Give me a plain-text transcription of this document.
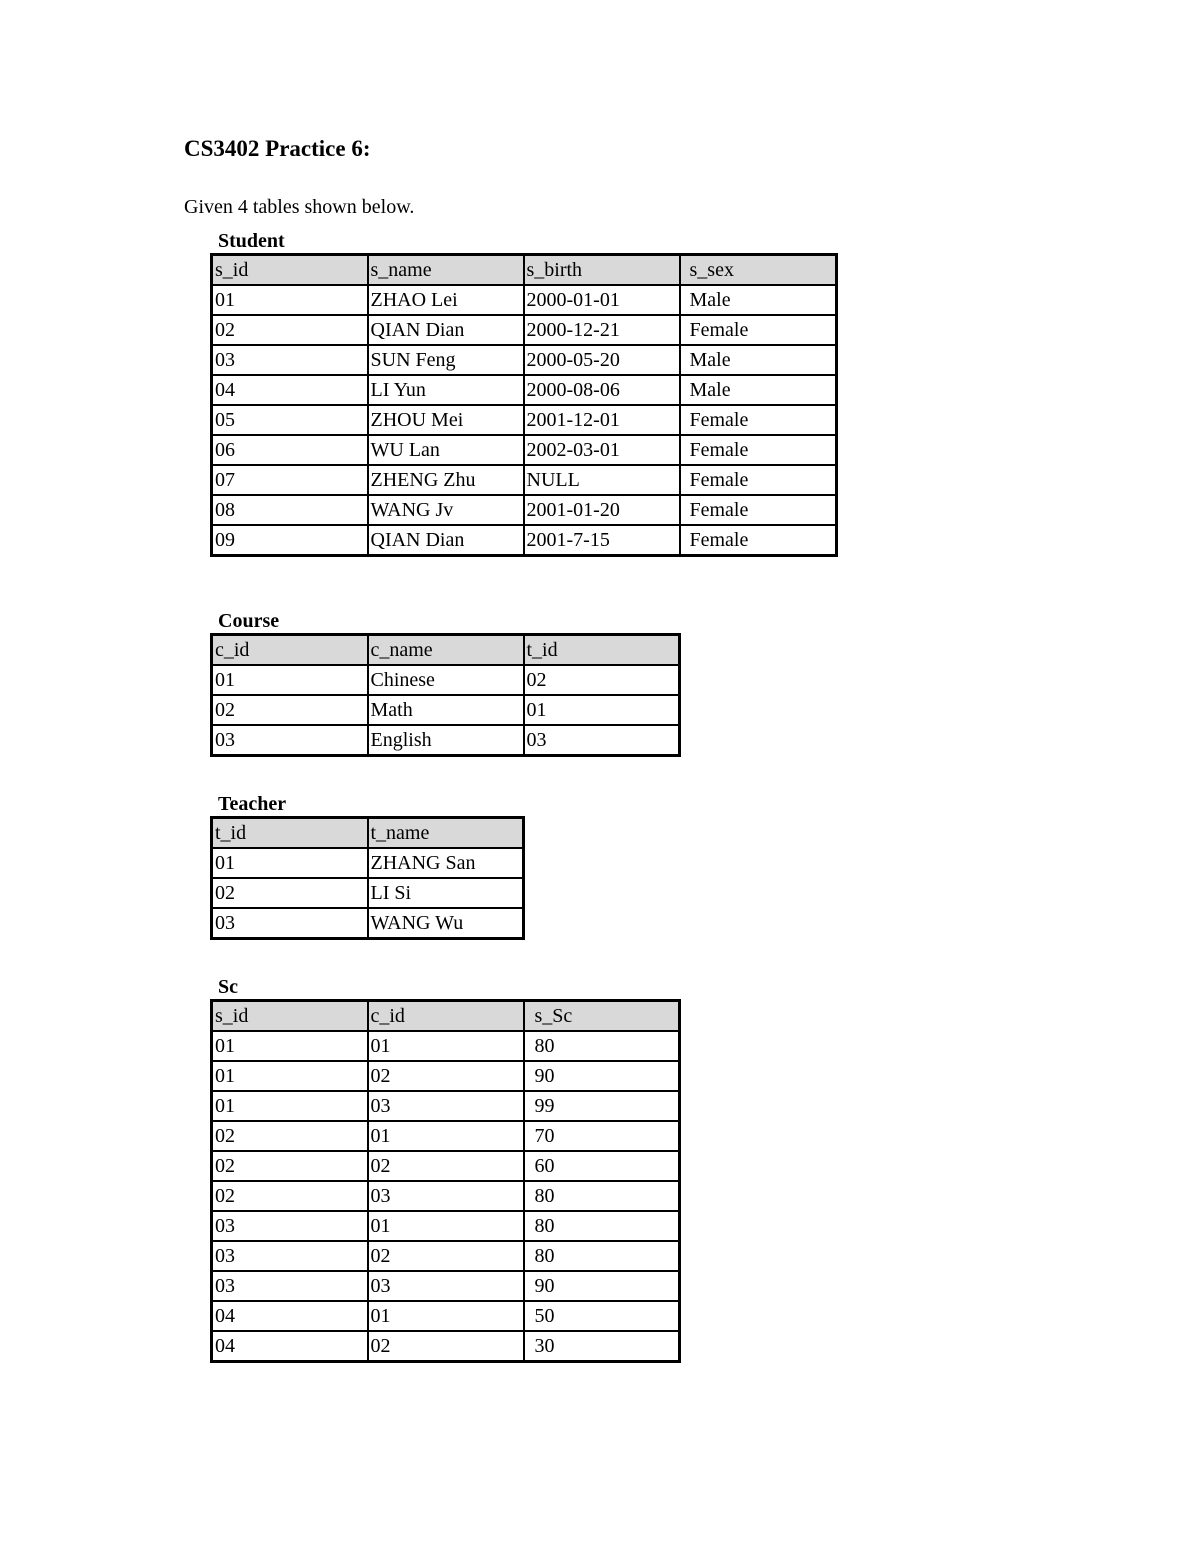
CS3402 Practice 6:

Given 4 tables shown below.

Student
s_id	s_name	s_birth	s_sex
01	ZHAO Lei	2000-01-01	Male
02	QIAN Dian	2000-12-21	Female
03	SUN Feng	2000-05-20	Male
04	LI Yun	2000-08-06	Male
05	ZHOU Mei	2001-12-01	Female
06	WU Lan	2002-03-01	Female
07	ZHENG Zhu	NULL	Female
08	WANG Jv	2001-01-20	Female
09	QIAN Dian	2001-7-15	Female
Course
c_id	c_name	t_id
01	Chinese	02
02	Math	01
03	English	03
Teacher
t_id	t_name
01	ZHANG San
02	LI Si
03	WANG Wu
Sc
s_id	c_id	s_Sc
01	01	80
01	02	90
01	03	99
02	01	70
02	02	60
02	03	80
03	01	80
03	02	80
03	03	90
04	01	50
04	02	30
